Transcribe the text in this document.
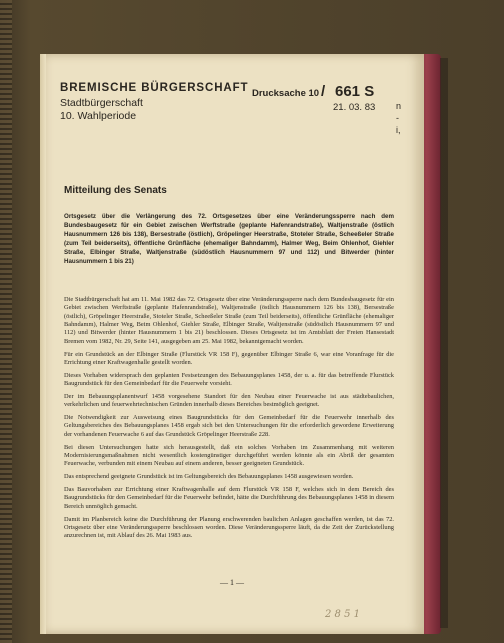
BREMISCHE BÜRGERSCHAFT
Stadtbürgerschaft
10. Wahlperiode
Drucksache 10 / 661 S
21. 03. 83 n
-
i,
Mitteilung des Senats
Ortsgesetz über die Verlängerung des 72. Ortsgesetzes über eine Veränderungssperre nach dem Bundesbaugesetz für ein Gebiet zwischen Werftstraße (geplante Hafenrandstraße), Waltjenstraße (östlich Hausnummern 126 bis 138), Bersestraße (östlich), Gröpelinger Heerstraße, Stoteler Straße, Scheeßeler Straße (zum Teil beiderseits), öffentliche Grünfläche (ehemaliger Bahndamm), Halmer Weg, Beim Ohlenhof, Giehler Straße, Elbinger Straße, Waltjenstraße (südöstlich Hausnummern 97 und 112) und Bitwerder (hinter Hausnummern 1 bis 21)

Die Stadtbürgerschaft hat am 11. Mai 1982 das 72. Ortsgesetz über eine Veränderungssperre nach dem Bundesbaugesetz für ein Gebiet zwischen Werftstraße (geplante Hafenrandstraße), Waltjenstraße (östlich Hausnummern 126 bis 138), Bersestraße (östlich), Gröpelinger Heerstraße, Stoteler Straße, Scheeßeler Straße (zum Teil beiderseits), öffentliche Grünfläche (ehemaliger Bahndamm), Halmer Weg, Beim Ohlenhof, Giehler Straße, Elbinger Straße, Waltjenstraße (südöstlich Hausnummern 97 und 112) und Bitwerder (hinter Hausnummern 1 bis 21) beschlossen. Dieses Ortsgesetz ist im Amtsblatt der Freien Hansestadt Bremen vom 1982, Nr. 29, Seite 141, ausgegeben am 25. Mai 1982, bekanntgemacht worden.

Für ein Grundstück an der Elbinger Straße (Flurstück VR 158 F), gegenüber Elbinger Straße 6, war eine Voranfrage für die Errichtung einer Kraftwagenhalle gestellt worden.

Dieses Vorhaben widersprach den geplanten Festsetzungen des Bebauungsplanes 1458, der u. a. für das betreffende Flurstück Baugrundstück für den Gemeinbedarf für die Feuerwehr vorsieht.

Der im Bebauungsplanentwurf 1458 vorgesehene Standort für den Neubau einer Feuerwache ist aus städtebaulichen, verkehrlichen und feuerwehrtechnischen Gründen innerhalb dieses Bereiches bestmöglich geeignet.

Die Notwendigkeit zur Ausweisung eines Baugrundstücks für den Gemeinbedarf für die Feuerwehr innerhalb des Geltungsbereiches des Bebauungsplanes 1458 ergab sich bei den Untersuchungen für die erforderlich gewordene Erweiterung der vorhandenen Feuerwache 6 auf das Grundstück Gröpelinger Heerstraße 228.

Bei diesen Untersuchungen hatte sich herausgestellt, daß ein solches Vorhaben im Zusammenhang mit weiteren Modernisierungsmaßnahmen nicht wesentlich kostengünstiger durchgeführt werden könnte als ein Abriß der gesamten Feuerwache, verbunden mit einem Neubau auf einem anderen, besser geeigneten Grundstück.

Das entsprechend geeignete Grundstück ist im Geltungsbereich des Bebauungsplanes 1458 ausgewiesen worden.

Das Bauvorhaben zur Errichtung einer Kraftwagenhalle auf dem Flurstück VR 158 F, welches sich in dem Bereich des Baugrundstücks für den Gemeinbedarf für die Feuerwehr befindet, hätte die Durchführung des Bebauungsplanes 1458 in diesem Bereich unmöglich gemacht.

Damit im Planbereich keine die Durchführung der Planung erschwerenden baulichen Anlagen geschaffen werden, ist das 72. Ortsgesetz über eine Veränderungssperre beschlossen worden. Diese Veränderungssperre läuft, da die Zeit der Zurückstellung anzurechnen ist, mit Ablauf des 26. Mai 1983 aus.

— 1 —
2 8 5 1
